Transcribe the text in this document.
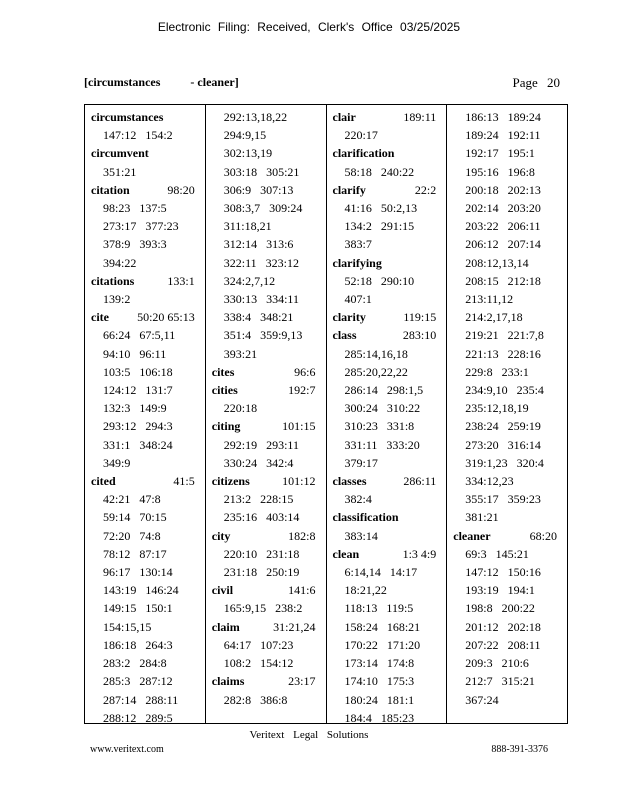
Electronic Filing: Received, Clerk's Office 03/25/2025
[circumstances          - cleaner]	Page 20
circumstances
147:12 154:2
circumvent
351:21
citation	98:20
98:23 137:5
273:17 377:23
378:9 393:3
394:22
citations	133:1
139:2
cite 50:20 65:13
66:24 67:5,11
94:10 96:11
103:5 106:18
124:12 131:7
132:3 149:9
293:12 294:3
331:1 348:24
349:9
cited	41:5
42:21 47:8
59:14 70:15
72:20 74:8
78:12 87:17
96:17 130:14
143:19 146:24
149:15 150:1
154:15,15
186:18 264:3
283:2 284:8
285:3 287:12
287:14 288:11
288:12 289:5
292:13,18,22
294:9,15
302:13,19
303:18 305:21
306:9 307:13
308:3,7 309:24
311:18,21
312:14 313:6
322:11 323:12
324:2,7,12
330:13 334:11
338:4 348:21
351:4 359:9,13
393:21
cites	96:6
cities	192:7
220:18
citing	101:15
292:19 293:11
330:24 342:4
citizens	101:12
213:2 228:15
235:16 403:14
city	182:8
220:10 231:18
231:18 250:19
civil	141:6
165:9,15 238:2
claim	31:21,24
64:17 107:23
108:2 154:12
claims	23:17
282:8 386:8
clair	189:11
220:17
clarification
58:18 240:22
clarify	22:2
41:16 50:2,13
134:2 291:15
383:7
clarifying
52:18 290:10
407:1
clarity	119:15
class	283:10
285:14,16,18
285:20,22,22
286:14 298:1,5
300:24 310:22
310:23 331:8
331:11 333:20
379:17
classes	286:11
382:4
classification
383:14
clean	1:3 4:9
6:14,14 14:17
18:21,22
118:13 119:5
158:24 168:21
170:22 171:20
173:14 174:8
174:10 175:3
180:24 181:1
184:4 185:23
186:13 189:24
189:24 192:11
192:17 195:1
195:16 196:8
200:18 202:13
202:14 203:20
203:22 206:11
206:12 207:14
208:12,13,14
208:15 212:18
213:11,12
214:2,17,18
219:21 221:7,8
221:13 228:16
229:8 233:1
234:9,10 235:4
235:12,18,19
238:24 259:19
273:20 316:14
319:1,23 320:4
334:12,23
355:17 359:23
381:21
cleaner	68:20
69:3 145:21
147:12 150:16
193:19 194:1
198:8 200:22
201:12 202:18
207:22 208:11
209:3 210:6
212:7 315:21
367:24
Veritext Legal Solutions
www.veritext.com	888-391-3376
